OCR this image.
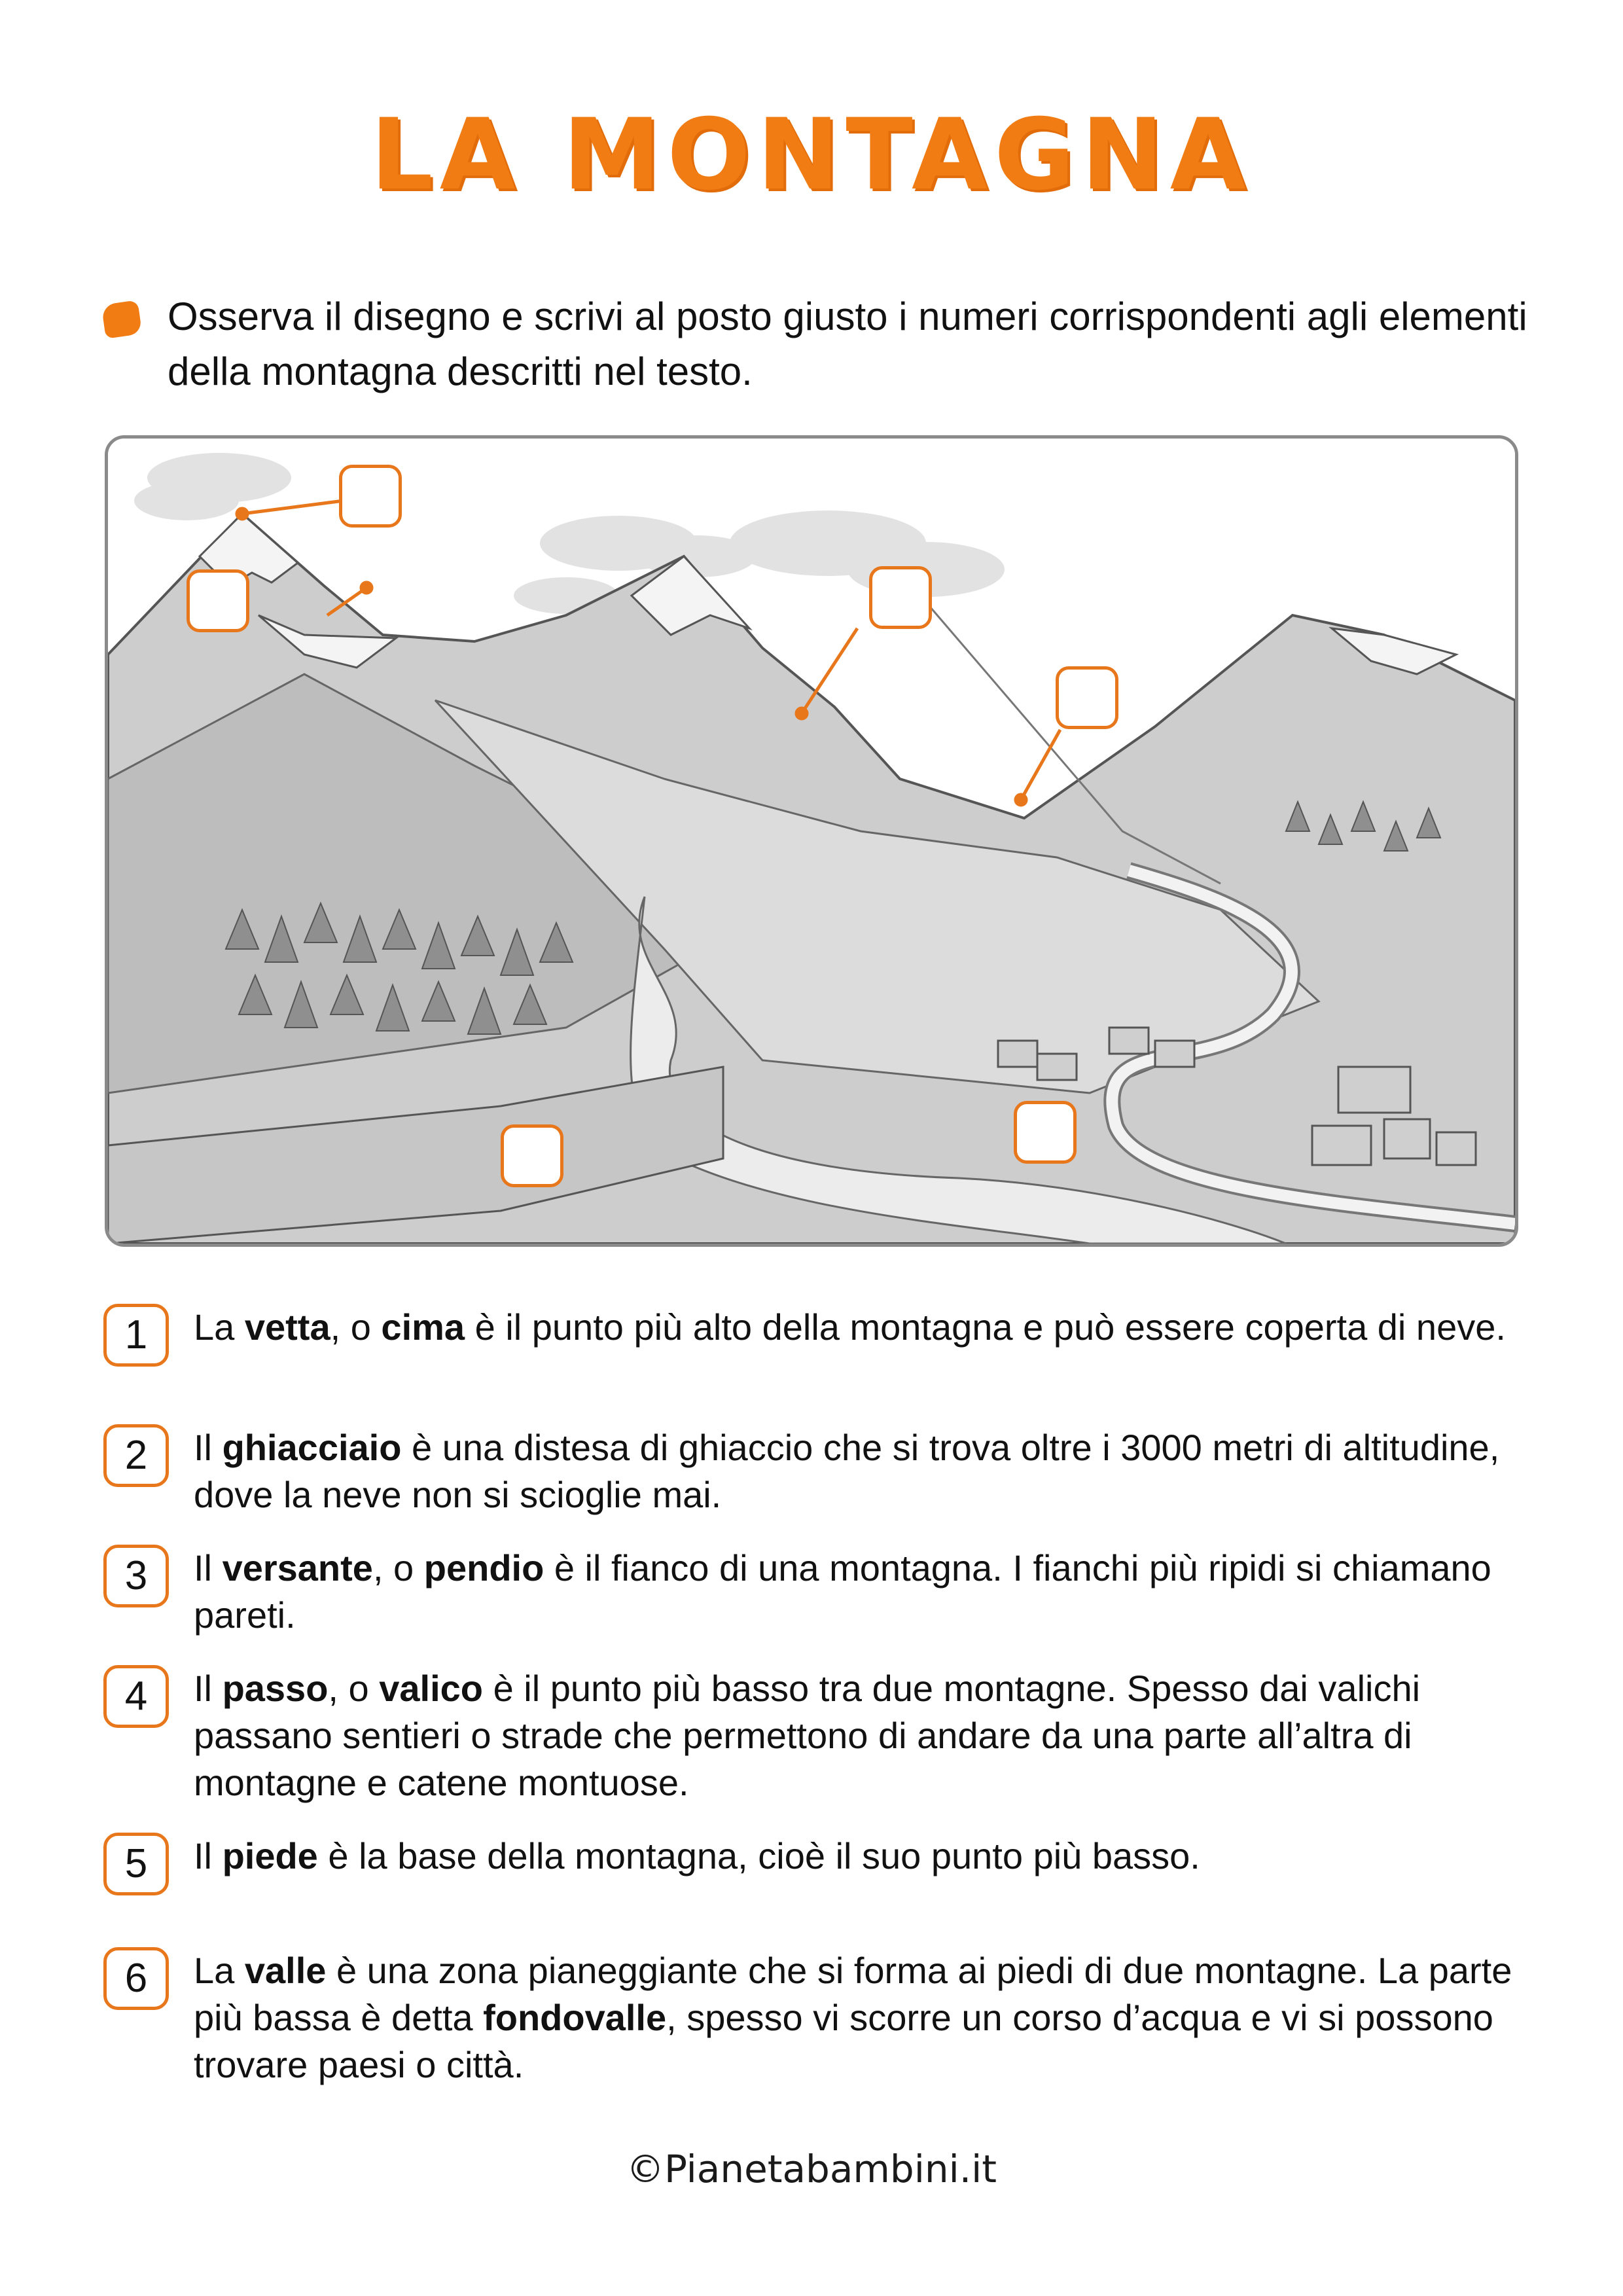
LA MONTAGNA
Osserva il disegno e scrivi al posto giusto i numeri corrispondenti agli elementi della montagna descritti nel testo.
1	La vetta, o cima è il punto più alto della montagna e può essere coperta di neve.
2	Il ghiacciaio è una distesa di ghiaccio che si trova oltre i 3000 metri di altitudine, dove la neve non si scioglie mai.
3	Il versante, o pendio è il fianco di una montagna. I fianchi più ripidi si chiamano pareti.
4	Il passo, o valico è il punto più basso tra due montagne. Spesso dai valichi passano sentieri o strade che permettono di andare da una parte all’altra di montagne e catene montuose.
5	Il piede è la base della montagna, cioè il suo punto più basso.
6	La valle è una zona pianeggiante che si forma ai piedi di due montagne. La parte più bassa è detta fondovalle, spesso vi scorre un corso d’acqua e vi si possono trovare paesi o città.
©Pianetabambini.it
